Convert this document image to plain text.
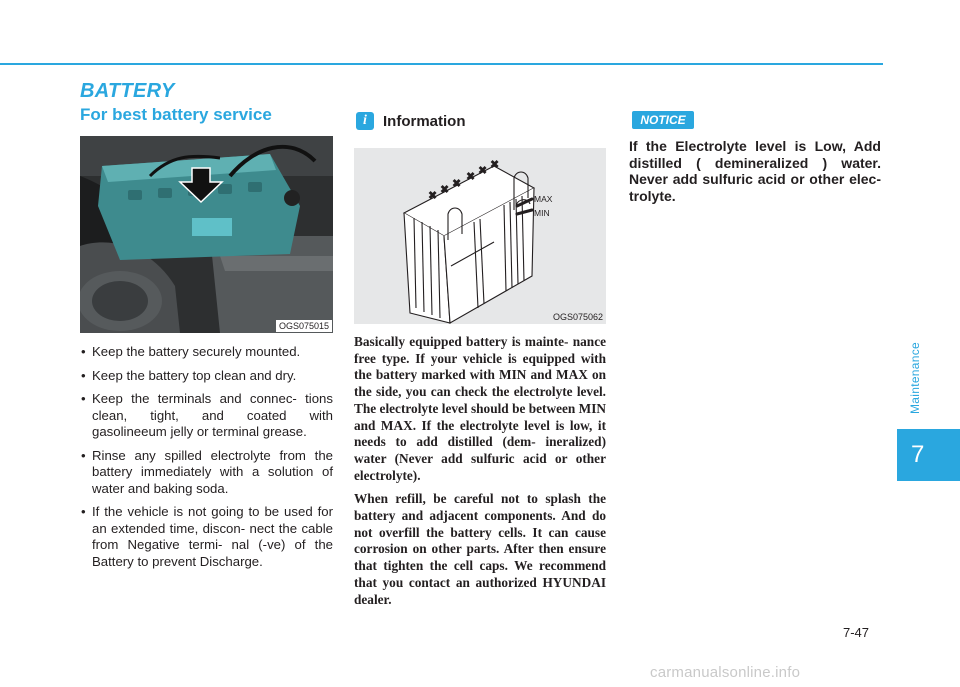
BATTERY
For best battery service
OGS075015
• Keep the battery securely mounted.
• Keep the battery top clean and dry.
• Keep the terminals and connec- tions clean, tight, and coated with gasolineeum jelly or terminal grease.
• Rinse any spilled electrolyte from the battery immediately with a solution of water and baking soda.
• If the vehicle is not going to be used for an extended time, discon- nect the cable from Negative termi- nal (-ve) of the Battery to prevent Discharge.
i	Information
✖ ✖ ✖
✖ ✖ ✖
MAX
MIN
OGS075062

Basically equipped battery is mainte- nance free type. If your vehicle is equipped with the battery marked with MIN and MAX on the side, you can check the electrolyte level. The electrolyte level should be between MIN and MAX. If the electrolyte level is low, it needs to add distilled (dem- ineralized) water (Never add sulfuric acid or other electrolyte).

When refill, be careful not to splash the battery and adjacent components. And do not overfill the battery cells. It can cause corrosion on other parts. After then ensure that tighten the cell caps. We recommend that you contact an authorized HYUNDAI dealer.

NOTICE

If the Electrolyte level is Low, Add distilled ( demineralized ) water. Never add sulfuric acid or other elec- trolyte.

Maintenance
7
7-47
carmanualsonline.info
